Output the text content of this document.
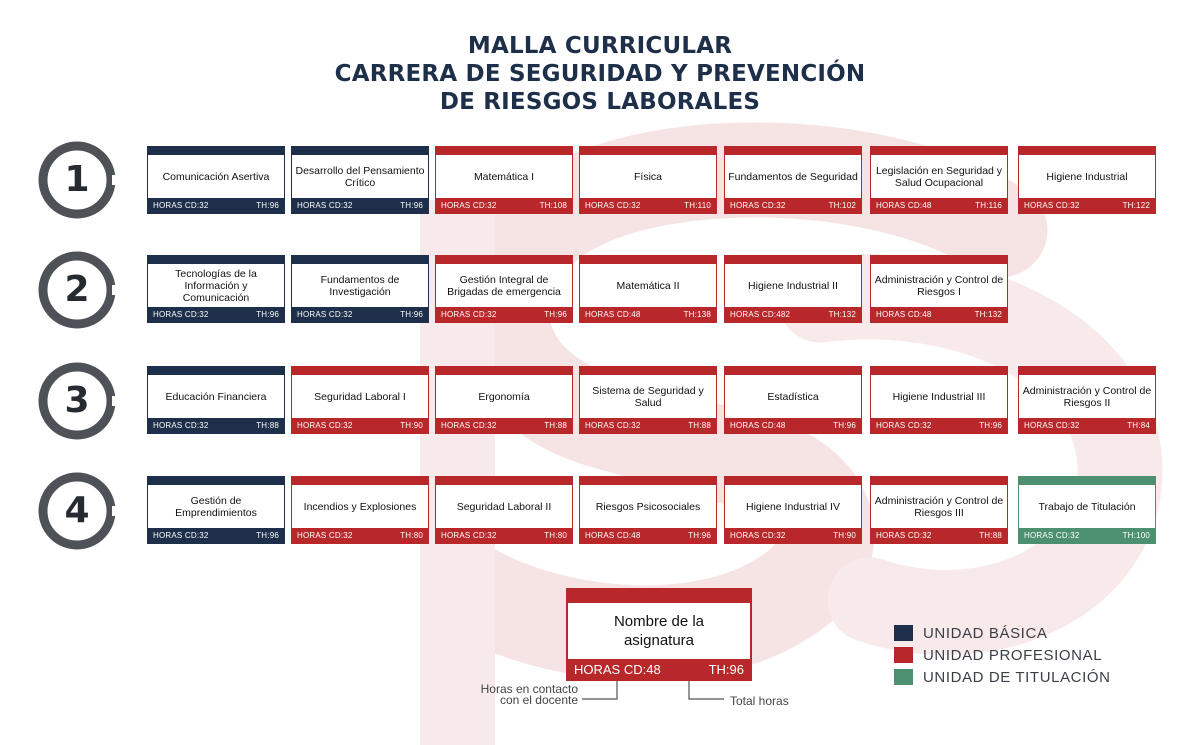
MALLA CURRICULAR
CARRERA DE SEGURIDAD Y PREVENCIÓN
DE RIESGOS LABORALES
1	Comunicación Asertiva
HORAS CD:32	TH:96
Desarrollo del Pensamiento Crítico
HORAS CD:32	TH:96
Matemática I
HORAS CD:32	TH:108
Física
HORAS CD:32	TH:110
Fundamentos de Seguridad
HORAS CD:32	TH:102
Legislación en Seguridad y Salud Ocupacional
HORAS CD:48	TH:116
Higiene Industrial
HORAS CD:32	TH:122
2	Tecnologías de la Información y Comunicación
HORAS CD:32	TH:96
Fundamentos de Investigación
HORAS CD:32	TH:96
Gestión Integral de Brigadas de emergencia
HORAS CD:32	TH:96
Matemática II
HORAS CD:48	TH:138
Higiene Industrial II
HORAS CD:482	TH:132
Administración y Control de Riesgos I
HORAS CD:48	TH:132
3	Educación Financiera
HORAS CD:32	TH:88
Seguridad Laboral I
HORAS CD:32	TH:90
Ergonomía
HORAS CD:32	TH:88
Sistema de Seguridad y Salud
HORAS CD:32	TH:88
Estadística
HORAS CD:48	TH:96
Higiene Industrial III
HORAS CD:32	TH:96
Administración y Control de Riesgos II
HORAS CD:32	TH:84
4	Gestión de Emprendimientos
HORAS CD:32	TH:96
Incendios y Explosiones
HORAS CD:32	TH:80
Seguridad Laboral II
HORAS CD:32	TH:80
Riesgos Psicosociales
HORAS CD:48	TH:96
Higiene Industrial IV
HORAS CD:32	TH:90
Administración y Control de Riesgos III
HORAS CD:32	TH:88
Trabajo de Titulación
HORAS CD:32	TH:100
Nombre de la asignatura
HORAS CD:48	TH:96
Horas en contacto con el docente	Total horas
UNIDAD BÁSICA
UNIDAD PROFESIONAL
UNIDAD DE TITULACIÓN
